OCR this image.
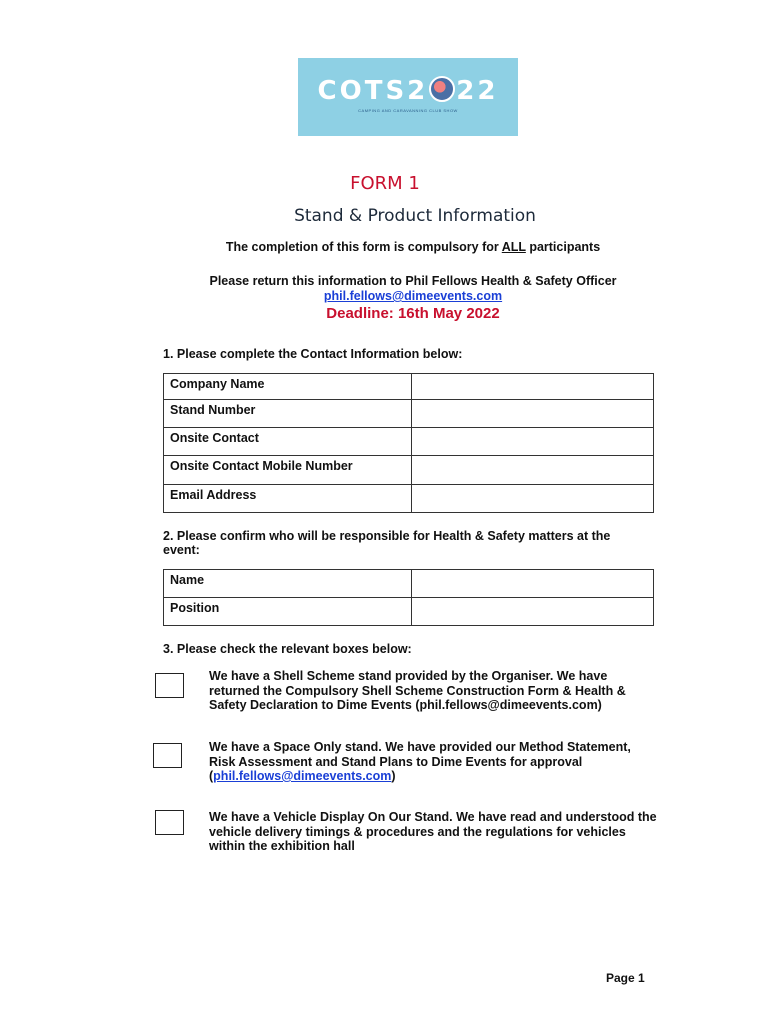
COTS2 22
CAMPING AND CARAVANNING CLUB SHOW
FORM 1
Stand & Product Information
The completion of this form is compulsory for ALL participants
Please return this information to Phil Fellows Health & Safety Officer
phil.fellows@dimeevents.com
Deadline: 16th May 2022
1. Please complete the Contact Information below:
Company Name	
Stand Number	
Onsite Contact	
Onsite Contact Mobile Number	
Email Address	
2. Please confirm who will be responsible for Health & Safety matters at the event:
Name	
Position	
3. Please check the relevant boxes below:
We have a Shell Scheme stand provided by the Organiser. We have returned the Compulsory Shell Scheme Construction Form & Health & Safety Declaration to Dime Events (phil.fellows@dimeevents.com)
We have a Space Only stand. We have provided our Method Statement, Risk Assessment and Stand Plans to Dime Events for approval (phil.fellows@dimeevents.com)
We have a Vehicle Display On Our Stand. We have read and understood the vehicle delivery timings & procedures and the regulations for vehicles within the exhibition hall
Page 1
